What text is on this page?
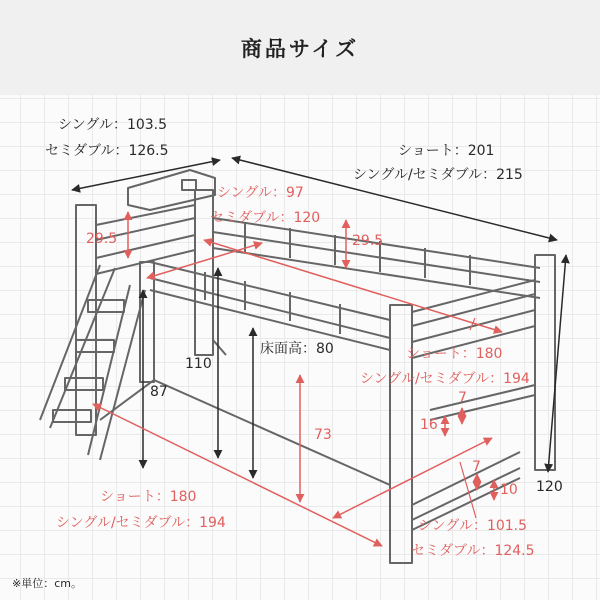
商品サイズ
シングル：103.5
セミダブル：126.5	ショート：201
シングル/セミダブル：215
110
床面高：80
87
120
※単位：cm。
シングル：97
セミダブル：120
29.5	29.5
ショート：180
シングル/セミダブル：194
73
7
16
7
10
ショート：180
シングル/セミダブル：194	シングル：101.5
セミダブル：124.5
